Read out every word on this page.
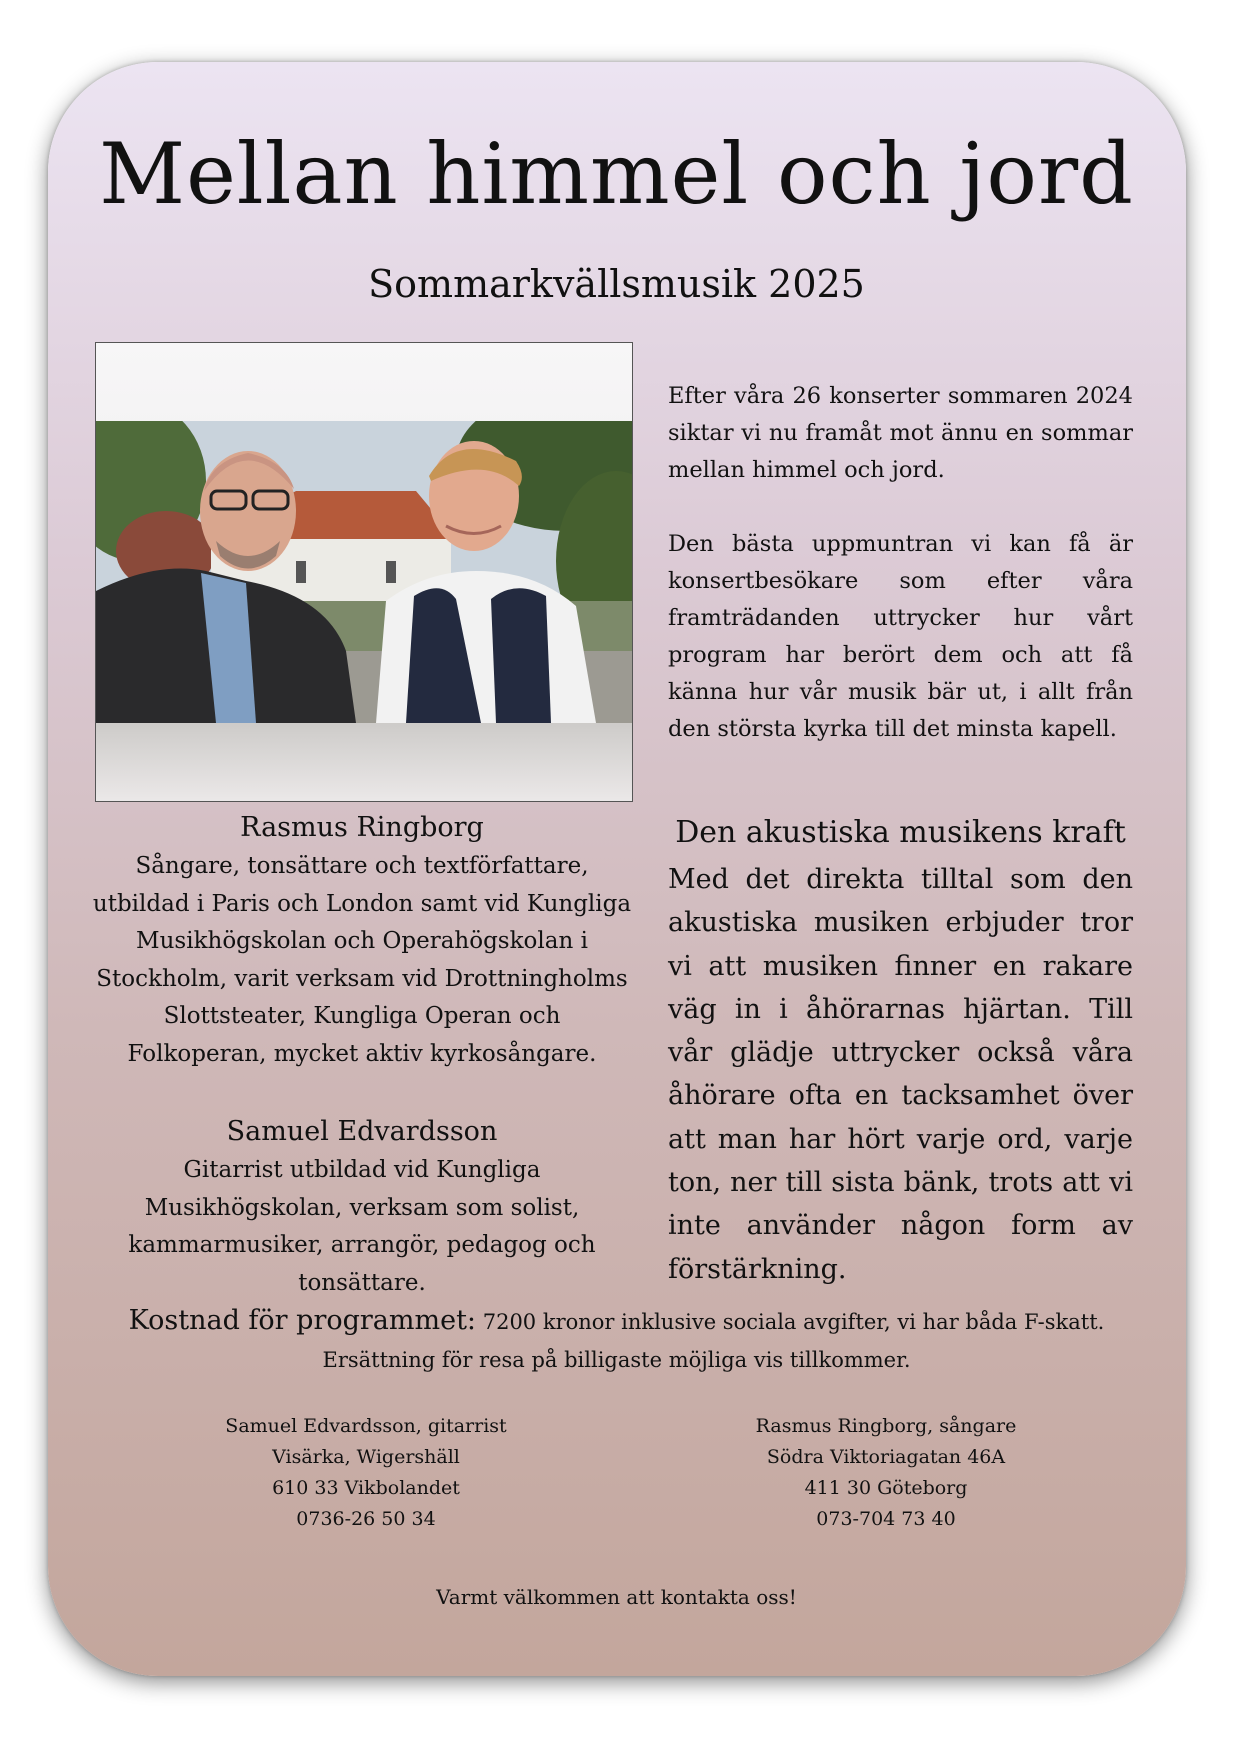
Mellan himmel och jord
Sommarkvällsmusik 2025

Efter våra 26 konserter sommaren 2024 siktar vi nu framåt mot ännu en sommar mellan himmel och jord.

Den bästa uppmuntran vi kan få är konsertbesökare som efter våra framträdanden uttrycker hur vårt program har berört dem och att få känna hur vår musik bär ut, i allt från den största kyrka till det minsta kapell.

Rasmus Ringborg
Sångare, tonsättare och textförfattare, utbildad i Paris och London samt vid Kungliga Musikhögskolan och Operahögskolan i Stockholm, varit verksam vid Drottningholms Slottsteater, Kungliga Operan och Folkoperan, mycket aktiv kyrkosångare.
Samuel Edvardsson
Gitarrist utbildad vid Kungliga Musikhögskolan, verksam som solist, kammarmusiker, arrangör, pedagog och tonsättare.
Den akustiska musikens kraft
Med det direkta tilltal som den akustiska musiken erbjuder tror vi att musiken finner en rakare väg in i åhörarnas hjärtan. Till vår glädje uttrycker också våra åhörare ofta en tacksamhet över att man har hört varje ord, varje ton, ner till sista bänk, trots att vi inte använder någon form av förstärkning.
Kostnad för programmet: 7200 kronor inklusive sociala avgifter, vi har båda F-skatt.
Ersättning för resa på billigaste möjliga vis tillkommer.
Samuel Edvardsson, gitarrist
Visärka, Wigershäll
610 33 Vikbolandet
0736-26 50 34
Rasmus Ringborg, sångare
Södra Viktoriagatan 46A
411 30 Göteborg
073-704 73 40
Varmt välkommen att kontakta oss!
